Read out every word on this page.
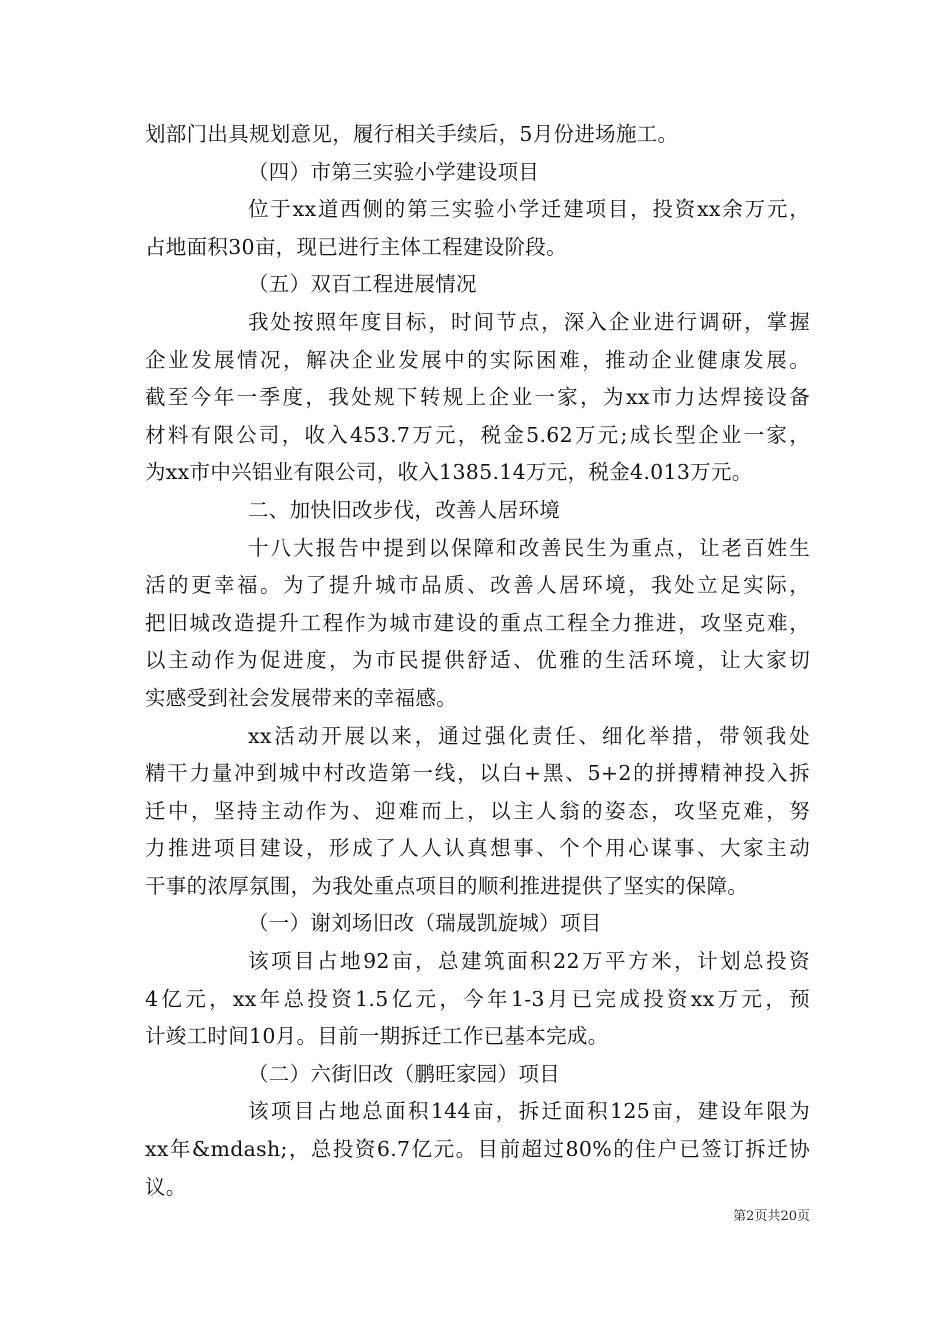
划部门出具规划意见，履行相关手续后，5月份进场施工。
（四）市第三实验小学建设项目
位于xx道西侧的第三实验小学迁建项目，投资xx余万元，
占地面积30亩，现已进行主体工程建设阶段。
（五）双百工程进展情况
我处按照年度目标，时间节点，深入企业进行调研，掌握
企业发展情况，解决企业发展中的实际困难，推动企业健康发展。
截至今年一季度，我处规下转规上企业一家，为xx市力达焊接设备
材料有限公司，收入453.7万元，税金5.62万元;成长型企业一家，
为xx市中兴铝业有限公司，收入1385.14万元，税金4.013万元。
二、加快旧改步伐，改善人居环境
十八大报告中提到以保障和改善民生为重点，让老百姓生
活的更幸福。为了提升城市品质、改善人居环境，我处立足实际，
把旧城改造提升工程作为城市建设的重点工程全力推进，攻坚克难，
以主动作为促进度，为市民提供舒适、优雅的生活环境，让大家切
实感受到社会发展带来的幸福感。
xx活动开展以来，通过强化责任、细化举措，带领我处
精干力量冲到城中村改造第一线，以白+黑、5+2的拼搏精神投入拆
迁中，坚持主动作为、迎难而上，以主人翁的姿态，攻坚克难，努
力推进项目建设，形成了人人认真想事、个个用心谋事、大家主动
干事的浓厚氛围，为我处重点项目的顺利推进提供了坚实的保障。
（一）谢刘场旧改（瑞晟凯旋城）项目
该项目占地92亩，总建筑面积22万平方米，计划总投资
4亿元，xx年总投资1.5亿元，今年1-3月已完成投资xx万元，预
计竣工时间10月。目前一期拆迁工作已基本完成。
（二）六街旧改（鹏旺家园）项目
该项目占地总面积144亩，拆迁面积125亩，建设年限为
xx年&mdash;，总投资6.7亿元。目前超过80%的住户已签订拆迁协
议。
第2页共20页
